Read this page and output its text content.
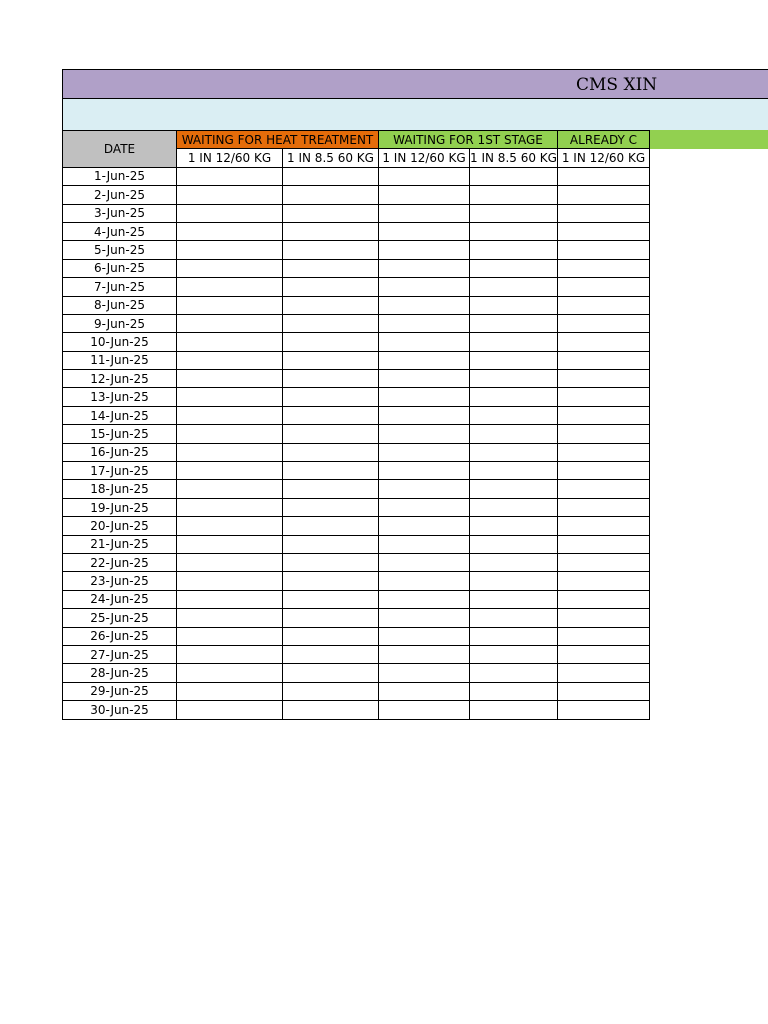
CMS XIN
DATE	WAITING FOR HEAT TREATMENT		WAITING FOR 1ST STAGE		ALREADY C
	1 IN 12/60 KG	1 IN 8.5 60 KG	1 IN 12/60 KG	1 IN 8.5 60 KG	1 IN 12/60 KG
1-Jun-25					
2-Jun-25					
3-Jun-25					
4-Jun-25					
5-Jun-25					
6-Jun-25					
7-Jun-25					
8-Jun-25					
9-Jun-25					
10-Jun-25					
11-Jun-25					
12-Jun-25					
13-Jun-25					
14-Jun-25					
15-Jun-25					
16-Jun-25					
17-Jun-25					
18-Jun-25					
19-Jun-25					
20-Jun-25					
21-Jun-25					
22-Jun-25					
23-Jun-25					
24-Jun-25					
25-Jun-25					
26-Jun-25					
27-Jun-25					
28-Jun-25					
29-Jun-25					
30-Jun-25					
